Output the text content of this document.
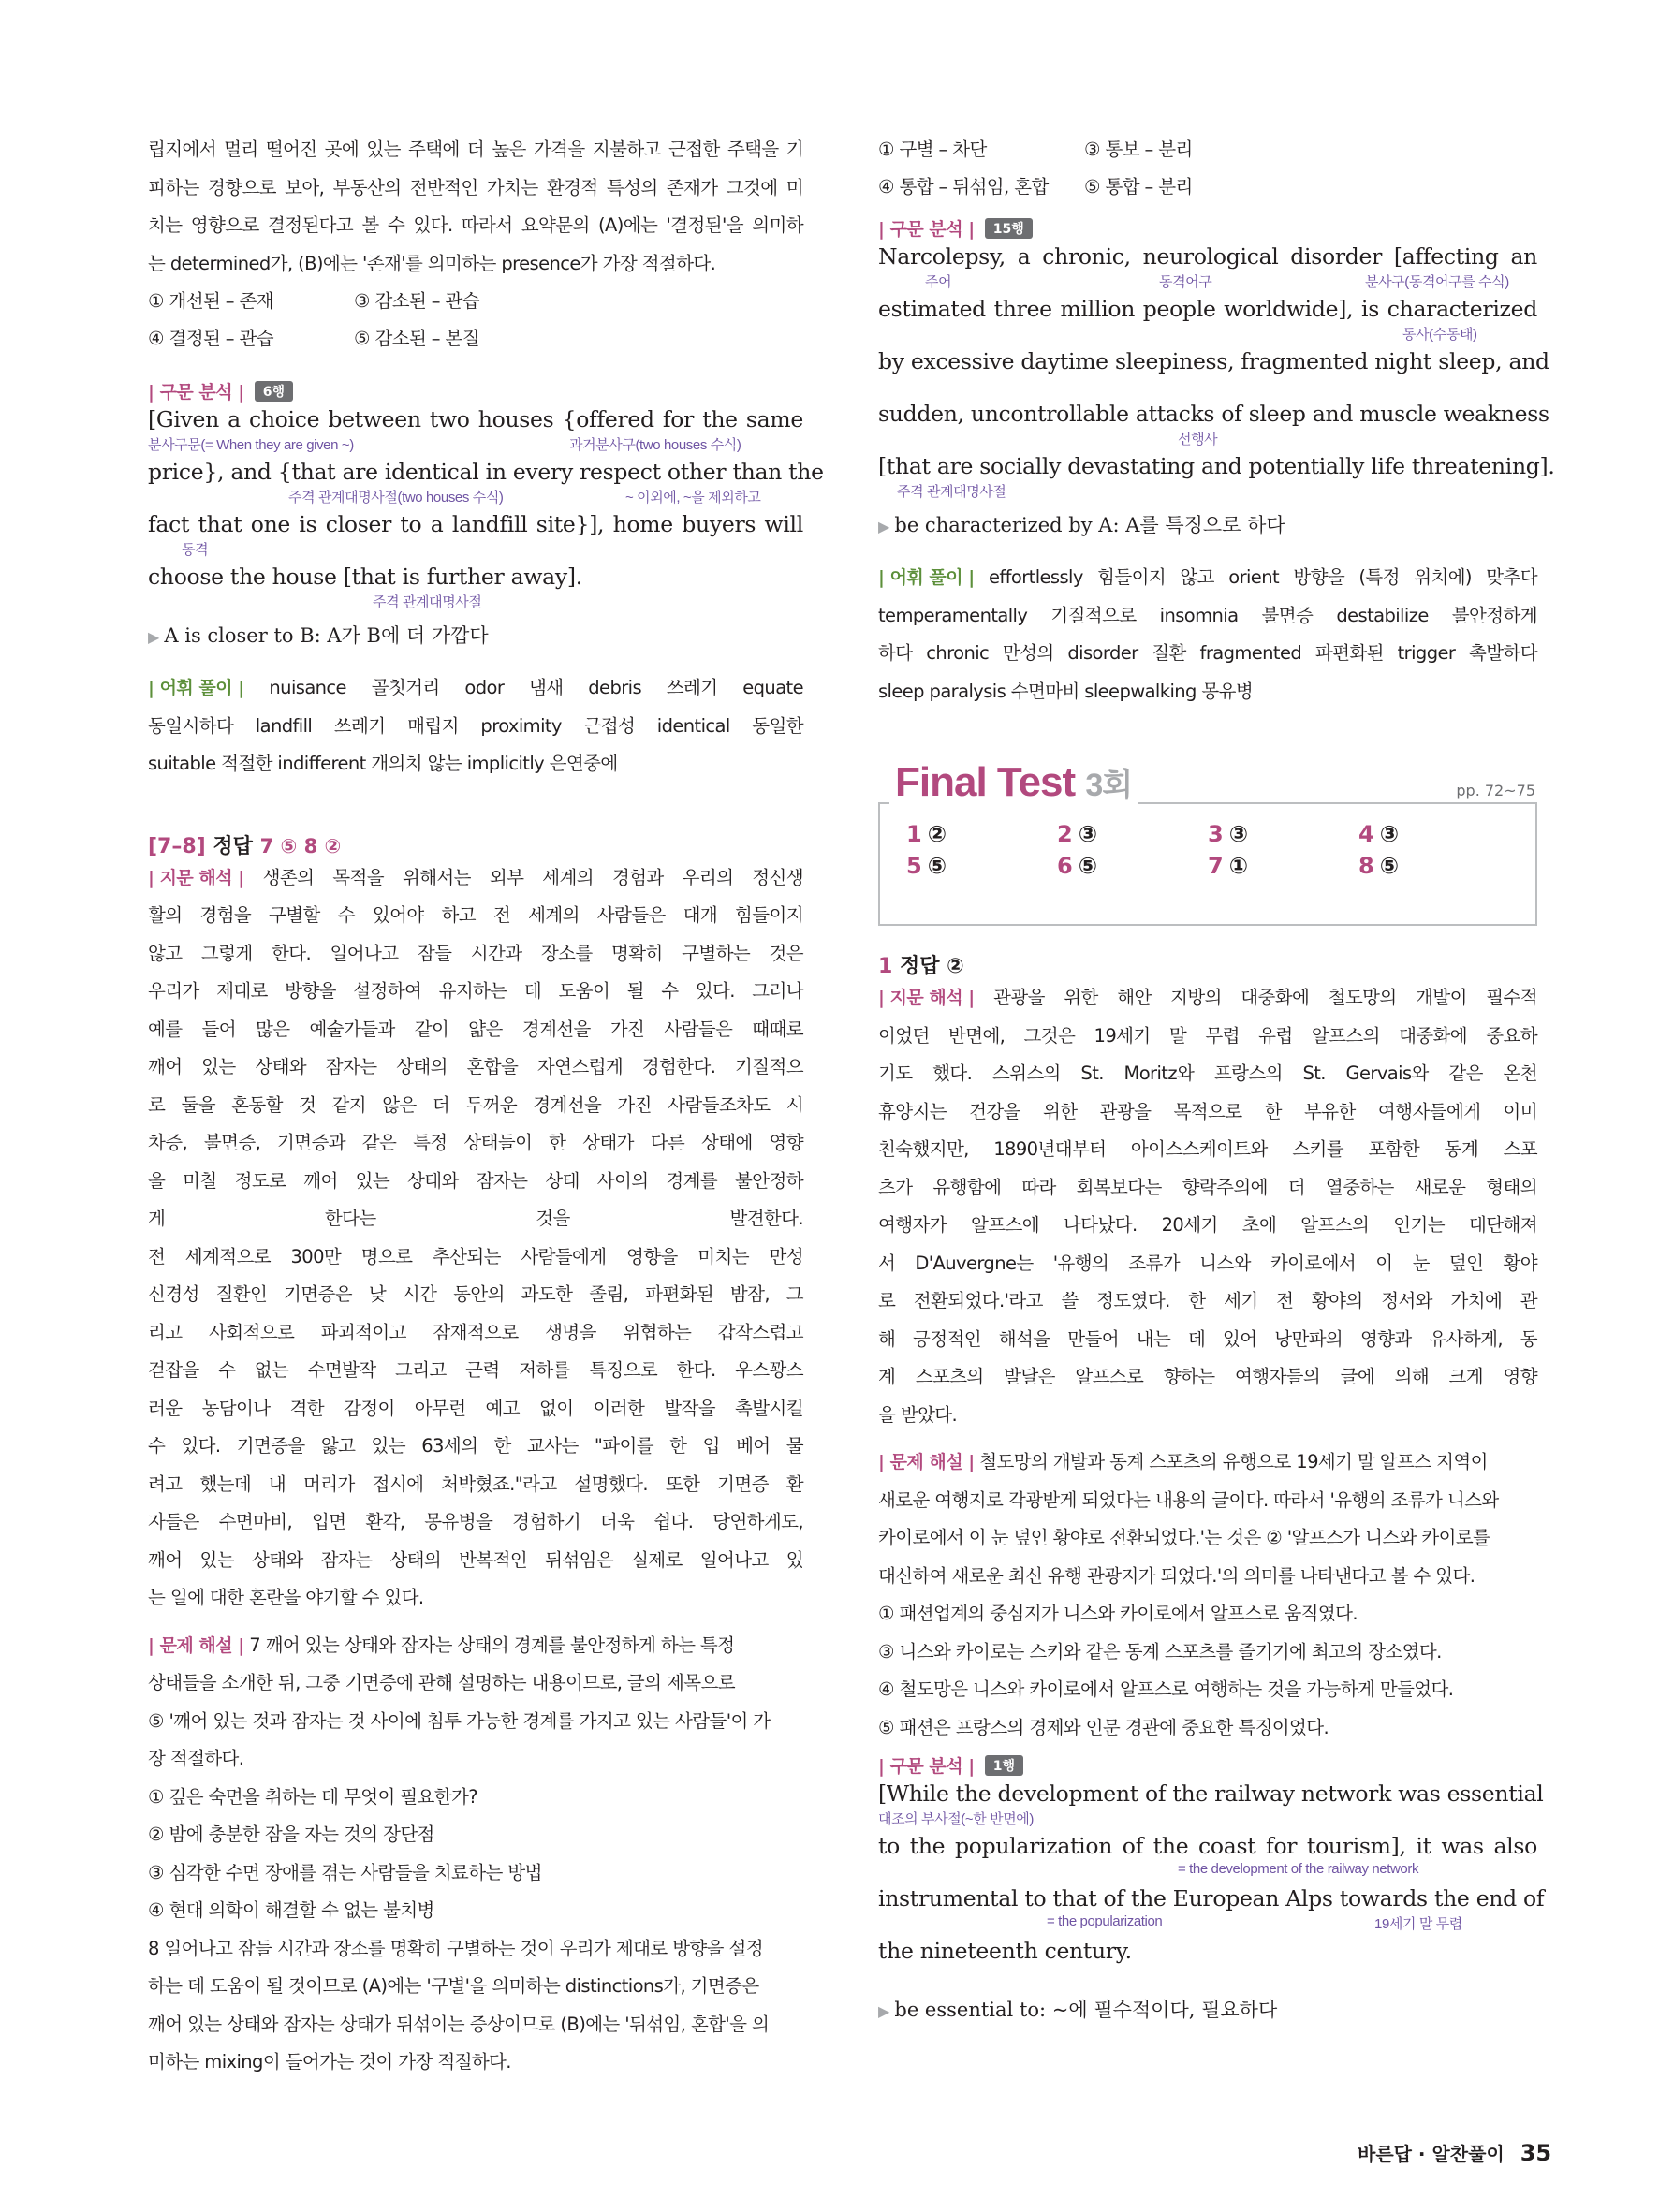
립지에서 멀리 떨어진 곳에 있는 주택에 더 높은 가격을 지불하고 근접한 주택을 기

피하는 경향으로 보아, 부동산의 전반적인 가치는 환경적 특성의 존재가 그것에 미

치는 영향으로 결정된다고 볼 수 있다. 따라서 요약문의 (A)에는 '결정된'을 의미하

는 determined가, (B)에는 '존재'를 의미하는 presence가 가장 적절하다.

① 개선된 – 존재	③ 감소된 – 관습

④ 결정된 – 관습	⑤ 감소된 – 본질

| 구문 분석 | 6행
[Given a choice between two houses {offered for the same
분사구문(= When they are given ~)	과거분사구(two houses 수식)
price}, and {that are identical in every respect other than the
주격 관계대명사절(two houses 수식)	~ 이외에, ~을 제외하고
fact that one is closer to a landfill site}], home buyers will
동격
choose the house [that is further away].
주격 관계대명사절

▶ A is closer to B: A가 B에 더 가깝다

| 어휘 풀이 | nuisance 골칫거리 odor 냄새 debris 쓰레기 equate

동일시하다 landfill 쓰레기 매립지 proximity 근접성 identical 동일한

suitable 적절한 indifferent 개의치 않는 implicitly 은연중에

[7–8] 정답 7 ⑤ 8 ②

| 지문 해석 | 생존의 목적을 위해서는 외부 세계의 경험과 우리의 정신생

활의 경험을 구별할 수 있어야 하고 전 세계의 사람들은 대개 힘들이지

않고 그렇게 한다. 일어나고 잠들 시간과 장소를 명확히 구별하는 것은

우리가 제대로 방향을 설정하여 유지하는 데 도움이 될 수 있다. 그러나

예를 들어 많은 예술가들과 같이 얇은 경계선을 가진 사람들은 때때로

깨어 있는 상태와 잠자는 상태의 혼합을 자연스럽게 경험한다. 기질적으

로 둘을 혼동할 것 같지 않은 더 두꺼운 경계선을 가진 사람들조차도 시

차증, 불면증, 기면증과 같은 특정 상태들이 한 상태가 다른 상태에 영향

을 미칠 정도로 깨어 있는 상태와 잠자는 상태 사이의 경계를 불안정하

게 한다는 것을 발견한다.

전 세계적으로 300만 명으로 추산되는 사람들에게 영향을 미치는 만성

신경성 질환인 기면증은 낮 시간 동안의 과도한 졸림, 파편화된 밤잠, 그

리고 사회적으로 파괴적이고 잠재적으로 생명을 위협하는 갑작스럽고

걷잡을 수 없는 수면발작 그리고 근력 저하를 특징으로 한다. 우스꽝스

러운 농담이나 격한 감정이 아무런 예고 없이 이러한 발작을 촉발시킬

수 있다. 기면증을 앓고 있는 63세의 한 교사는 "파이를 한 입 베어 물

려고 했는데 내 머리가 접시에 처박혔죠."라고 설명했다. 또한 기면증 환

자들은 수면마비, 입면 환각, 몽유병을 경험하기 더욱 쉽다. 당연하게도,

깨어 있는 상태와 잠자는 상태의 반복적인 뒤섞임은 실제로 일어나고 있

는 일에 대한 혼란을 야기할 수 있다.

| 문제 해설 | 7 깨어 있는 상태와 잠자는 상태의 경계를 불안정하게 하는 특정

상태들을 소개한 뒤, 그중 기면증에 관해 설명하는 내용이므로, 글의 제목으로

⑤ '깨어 있는 것과 잠자는 것 사이에 침투 가능한 경계를 가지고 있는 사람들'이 가

장 적절하다.

① 깊은 숙면을 취하는 데 무엇이 필요한가?

② 밤에 충분한 잠을 자는 것의 장단점

③ 심각한 수면 장애를 겪는 사람들을 치료하는 방법

④ 현대 의학이 해결할 수 없는 불치병

8 일어나고 잠들 시간과 장소를 명확히 구별하는 것이 우리가 제대로 방향을 설정

하는 데 도움이 될 것이므로 (A)에는 '구별'을 의미하는 distinctions가, 기면증은

깨어 있는 상태와 잠자는 상태가 뒤섞이는 증상이므로 (B)에는 '뒤섞임, 혼합'을 의

미하는 mixing이 들어가는 것이 가장 적절하다.

① 구별 – 차단	③ 통보 – 분리

④ 통합 – 뒤섞임, 혼합 ⑤ 통합 – 분리

| 구문 분석 | 15행
Narcolepsy, a chronic, neurological disorder [affecting an
주어	동격어구	분사구(동격어구를 수식)
estimated three million people worldwide], is characterized
동사(수동태)
by excessive daytime sleepiness, fragmented night sleep, and
sudden, uncontrollable attacks of sleep and muscle weakness
선행사
[that are socially devastating and potentially life threatening].
주격 관계대명사절

▶ be characterized by A: A를 특징으로 하다

| 어휘 풀이 | effortlessly 힘들이지 않고 orient 방향을 (특정 위치에) 맞추다

temperamentally 기질적으로 insomnia 불면증 destabilize 불안정하게

하다 chronic 만성의 disorder 질환 fragmented 파편화된 trigger 촉발하다

sleep paralysis 수면마비 sleepwalking 몽유병

Final Test 3회	pp. 72~75
1 ②	2 ③	3 ③	4 ③
5 ⑤	6 ⑤	7 ①	8 ⑤

1 정답 ②

| 지문 해석 | 관광을 위한 해안 지방의 대중화에 철도망의 개발이 필수적

이었던 반면에, 그것은 19세기 말 무렵 유럽 알프스의 대중화에 중요하

기도 했다. 스위스의 St. Moritz와 프랑스의 St. Gervais와 같은 온천

휴양지는 건강을 위한 관광을 목적으로 한 부유한 여행자들에게 이미

친숙했지만, 1890년대부터 아이스스케이트와 스키를 포함한 동계 스포

츠가 유행함에 따라 회복보다는 향락주의에 더 열중하는 새로운 형태의

여행자가 알프스에 나타났다. 20세기 초에 알프스의 인기는 대단해져

서 D'Auvergne는 '유행의 조류가 니스와 카이로에서 이 눈 덮인 황야

로 전환되었다.'라고 쓸 정도였다. 한 세기 전 황야의 정서와 가치에 관

해 긍정적인 해석을 만들어 내는 데 있어 낭만파의 영향과 유사하게, 동

계 스포츠의 발달은 알프스로 향하는 여행자들의 글에 의해 크게 영향

을 받았다.

| 문제 해설 | 철도망의 개발과 동계 스포츠의 유행으로 19세기 말 알프스 지역이

새로운 여행지로 각광받게 되었다는 내용의 글이다. 따라서 '유행의 조류가 니스와

카이로에서 이 눈 덮인 황야로 전환되었다.'는 것은 ② '알프스가 니스와 카이로를

대신하여 새로운 최신 유행 관광지가 되었다.'의 의미를 나타낸다고 볼 수 있다.

① 패션업계의 중심지가 니스와 카이로에서 알프스로 움직였다.

③ 니스와 카이로는 스키와 같은 동계 스포츠를 즐기기에 최고의 장소였다.

④ 철도망은 니스와 카이로에서 알프스로 여행하는 것을 가능하게 만들었다.

⑤ 패션은 프랑스의 경제와 인문 경관에 중요한 특징이었다.

| 구문 분석 | 1행
[While the development of the railway network was essential
대조의 부사절(~한 반면에)
to the popularization of the coast for tourism], it was also
= the development of the railway network
instrumental to that of the European Alps towards the end of
= the popularization	19세기 말 무렵
the nineteenth century.

▶ be essential to: ~에 필수적이다, 필요하다

바른답 · 알찬풀이 35
